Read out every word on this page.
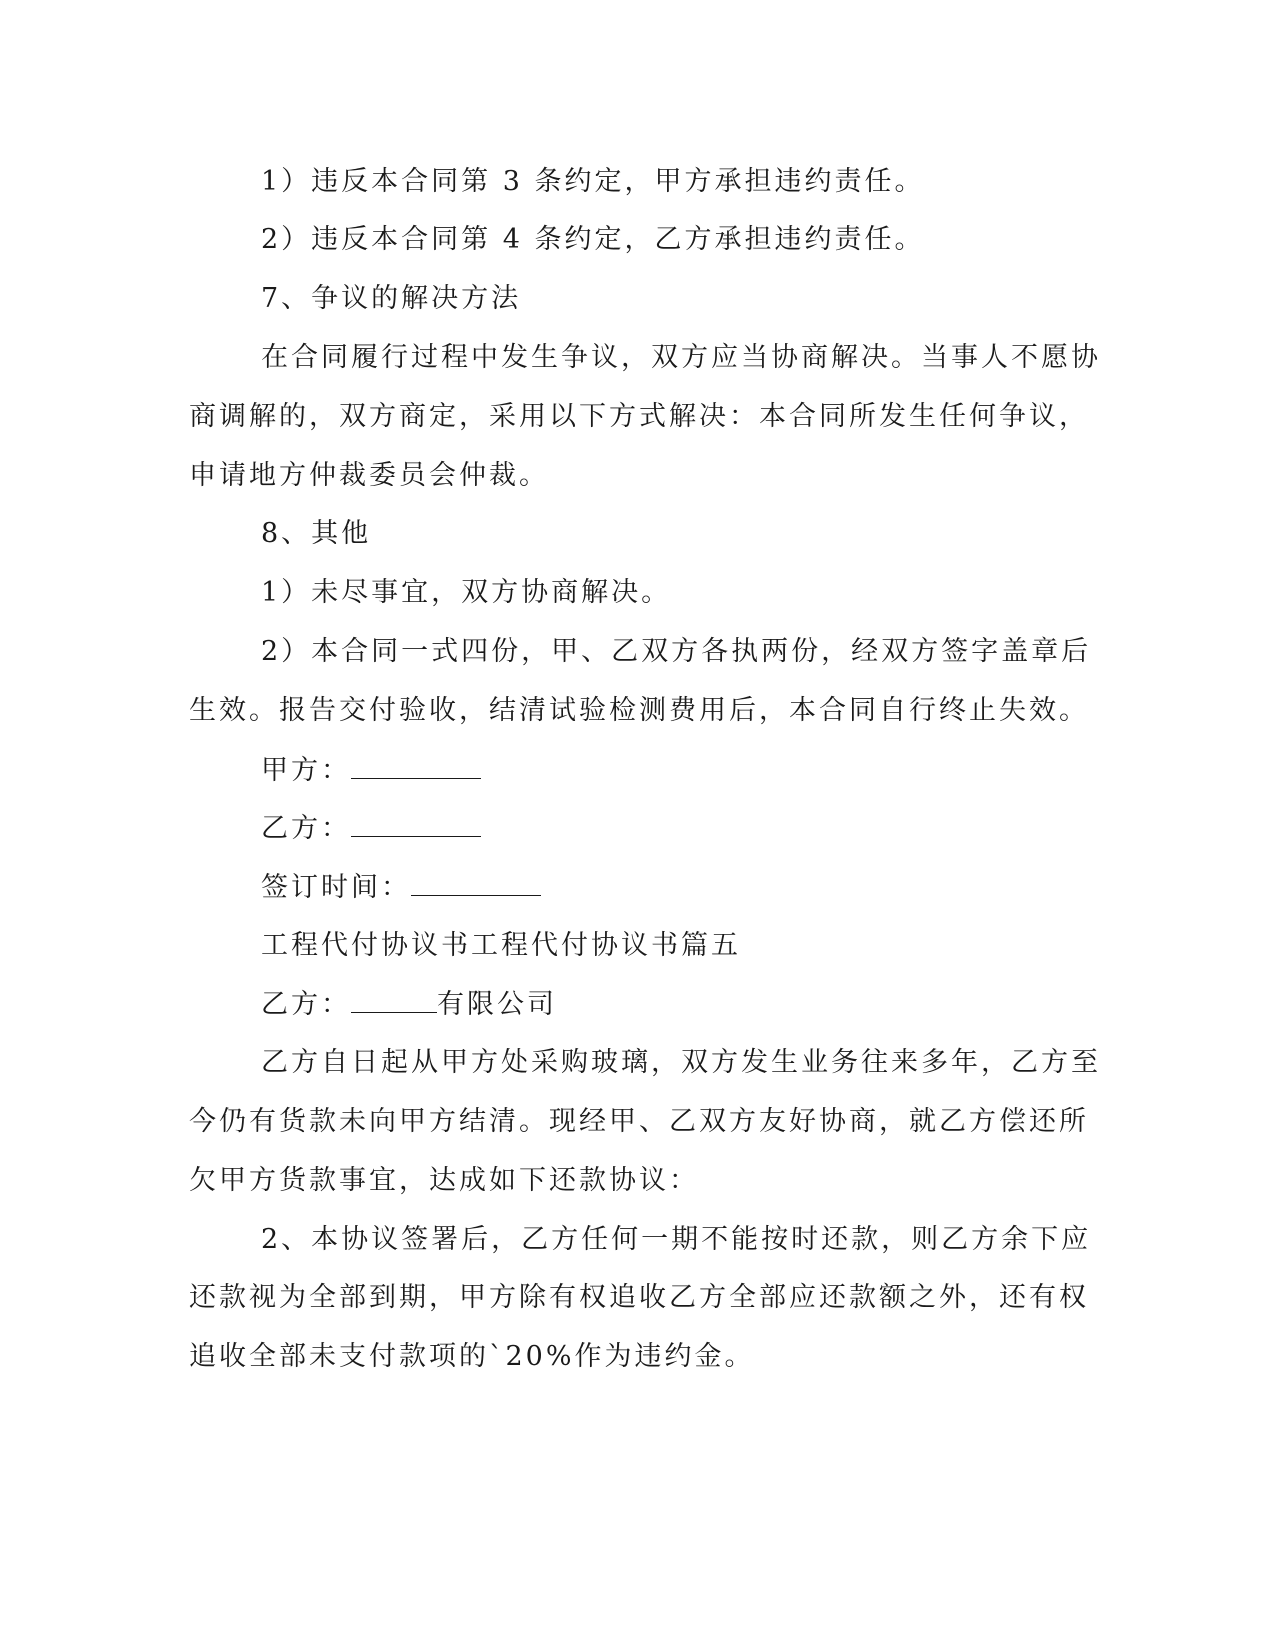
1）违反本合同第 3 条约定，甲方承担违约责任。

2）违反本合同第 4 条约定，乙方承担违约责任。

7、争议的解决方法

在合同履行过程中发生争议，双方应当协商解决。当事人不愿协

商调解的，双方商定，采用以下方式解决：本合同所发生任何争议，

申请地方仲裁委员会仲裁。

8、其他

1）未尽事宜，双方协商解决。

2）本合同一式四份，甲、乙双方各执两份，经双方签字盖章后

生效。报告交付验收，结清试验检测费用后，本合同自行终止失效。

甲方：

乙方：

签订时间：

工程代付协议书工程代付协议书篇五

乙方：	有限公司

乙方自日起从甲方处采购玻璃，双方发生业务往来多年，乙方至

今仍有货款未向甲方结清。现经甲、乙双方友好协商，就乙方偿还所

欠甲方货款事宜，达成如下还款协议：

2、本协议签署后，乙方任何一期不能按时还款，则乙方余下应

还款视为全部到期，甲方除有权追收乙方全部应还款额之外，还有权

追收全部未支付款项的`20%作为违约金。
